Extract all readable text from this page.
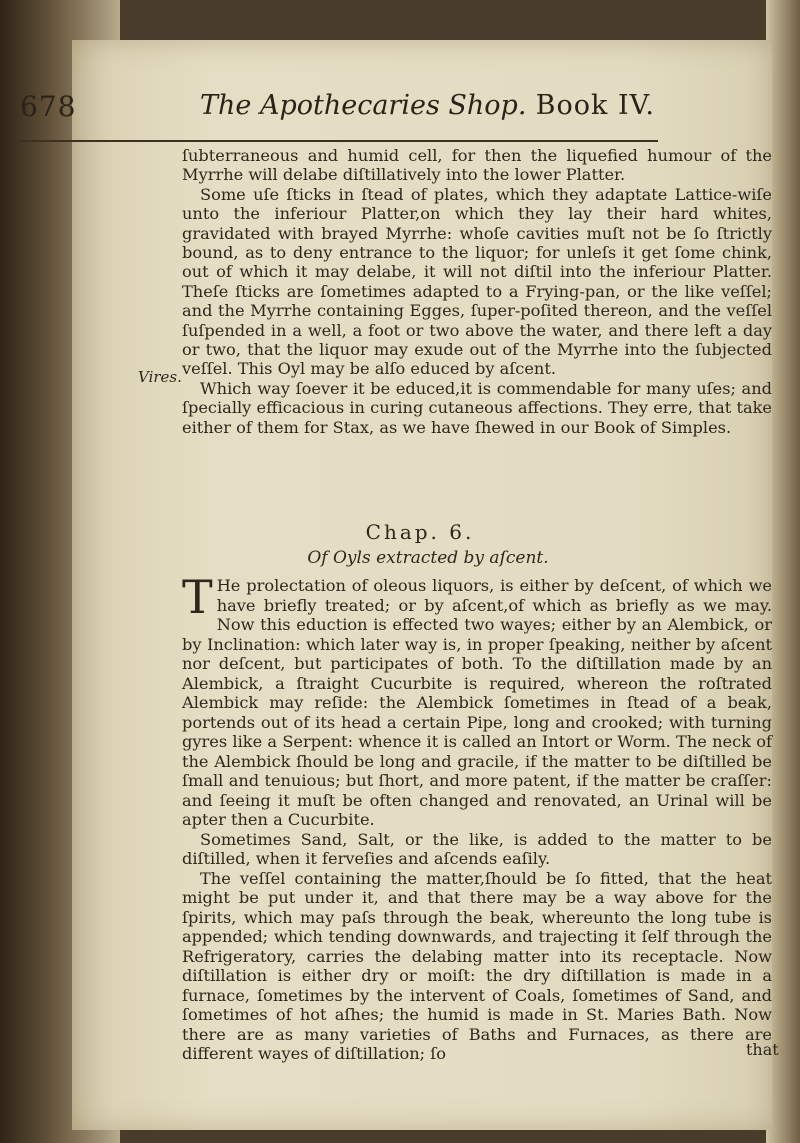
678	The Apothecaries Shop. Book IV.
Vires.

ſubterraneous and humid cell, for then the liquefied humour of the Myrrhe will delabe diſtillatively into the lower Platter.

Some uſe ſticks in ſtead of plates, which they adaptate Lattice-wiſe unto the inferiour Platter,on which they lay their hard whites, gravidated with brayed Myrrhe: whoſe cavities muſt not be ſo ſtrictly bound, as to deny entrance to the liquor; for unleſs it get ſome chink, out of which it may delabe, it will not diſtil into the inferiour Platter. Theſe ſticks are ſometimes adapted to a Frying-pan, or the like veſſel; and the Myrrhe containing Egges, ſuper-poſited thereon, and the veſſel ſuſpended in a well, a foot or two above the water, and there left a day or two, that the liquor may exude out of the Myrrhe into the ſubjected veſſel. This Oyl may be alſo educed by aſcent.

Which way ſoever it be educed,it is commendable for many uſes; and ſpecially efficacious in curing cutaneous affections. They erre, that take either of them for Stax, as we have ſhewed in our Book of Simples.

Chap. 6.
Of Oyls extracted by aſcent.

T He prolectation of oleous liquors, is either by deſcent, of which we have briefly treated; or by aſcent,of which as briefly as we may. Now this eduction is effected two wayes; either by an Alembick, or by Inclination: which later way is, in proper ſpeaking, neither by aſcent nor deſcent, but participates of both. To the diſtillation made by an Alembick, a ſtraight Cucurbite is required, whereon the roſtrated Alembick may reſide: the Alembick ſometimes in ſtead of a beak, portends out of its head a certain Pipe, long and crooked; with turning gyres like a Serpent: whence it is called an Intort or Worm. The neck of the Alembick ſhould be long and gracile, if the matter to be diſtilled be ſmall and tenuious; but ſhort, and more patent, if the matter be craſſer: and ſeeing it muſt be often changed and renovated, an Urinal will be apter then a Cucurbite.

Sometimes Sand, Salt, or the like, is added to the matter to be diſtilled, when it ferveſies and aſcends eaſily.

The veſſel containing the matter,ſhould be ſo fitted, that the heat might be put under it, and that there may be a way above for the ſpirits, which may paſs through the beak, whereunto the long tube is appended; which tending downwards, and trajecting it ſelf through the Refrigeratory, carries the delabing matter into its receptacle. Now diſtillation is either dry or moiſt: the dry diſtillation is made in a furnace, ſometimes by the intervent of Coals, ſometimes of Sand, and ſometimes of hot aſhes; the humid is made in St. Maries Bath. Now there are as many varieties of Baths and Furnaces, as there are different wayes of diſtillation; ſo	that
